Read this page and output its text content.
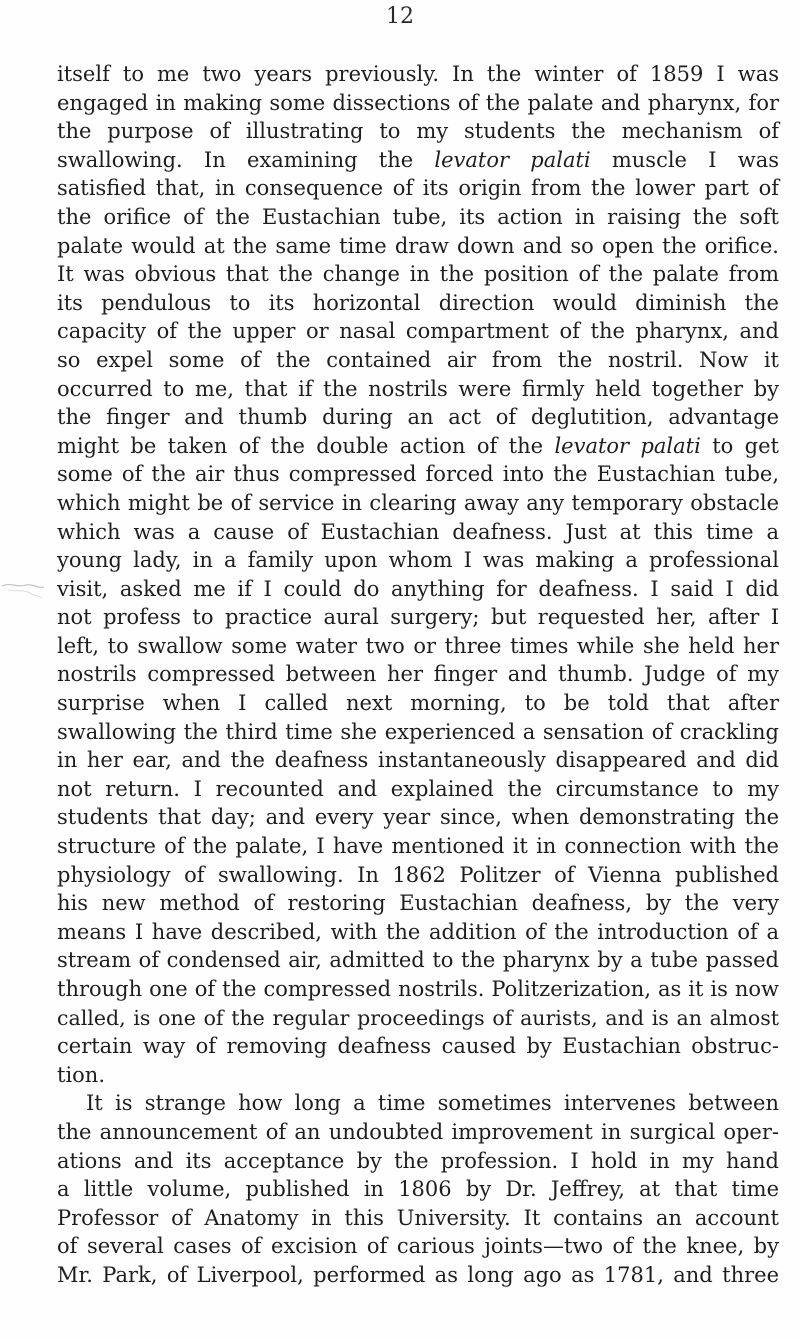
12
itself to me two years previously. In the winter of 1859 I was
engaged in making some dissections of the palate and pharynx, for
the purpose of illustrating to my students the mechanism of
swallowing. In examining the levator palati muscle I was
satisfied that, in consequence of its origin from the lower part of
the orifice of the Eustachian tube, its action in raising the soft
palate would at the same time draw down and so open the orifice.
It was obvious that the change in the position of the palate from
its pendulous to its horizontal direction would diminish the
capacity of the upper or nasal compartment of the pharynx, and
so expel some of the contained air from the nostril. Now it
occurred to me, that if the nostrils were firmly held together by
the finger and thumb during an act of deglutition, advantage
might be taken of the double action of the levator palati to get
some of the air thus compressed forced into the Eustachian tube,
which might be of service in clearing away any temporary obstacle
which was a cause of Eustachian deafness. Just at this time a
young lady, in a family upon whom I was making a professional
visit, asked me if I could do anything for deafness. I said I did
not profess to practice aural surgery; but requested her, after I
left, to swallow some water two or three times while she held her
nostrils compressed between her finger and thumb. Judge of my
surprise when I called next morning, to be told that after
swallowing the third time she experienced a sensation of crackling
in her ear, and the deafness instantaneously disappeared and did
not return. I recounted and explained the circumstance to my
students that day; and every year since, when demonstrating the
structure of the palate, I have mentioned it in connection with the
physiology of swallowing. In 1862 Politzer of Vienna published
his new method of restoring Eustachian deafness, by the very
means I have described, with the addition of the introduction of a
stream of condensed air, admitted to the pharynx by a tube passed
through one of the compressed nostrils. Politzerization, as it is now
called, is one of the regular proceedings of aurists, and is an almost
certain way of removing deafness caused by Eustachian obstruc-
tion.
It is strange how long a time sometimes intervenes between
the announcement of an undoubted improvement in surgical oper-
ations and its acceptance by the profession. I hold in my hand
a little volume, published in 1806 by Dr. Jeffrey, at that time
Professor of Anatomy in this University. It contains an account
of several cases of excision of carious joints—two of the knee, by
Mr. Park, of Liverpool, performed as long ago as 1781, and three
